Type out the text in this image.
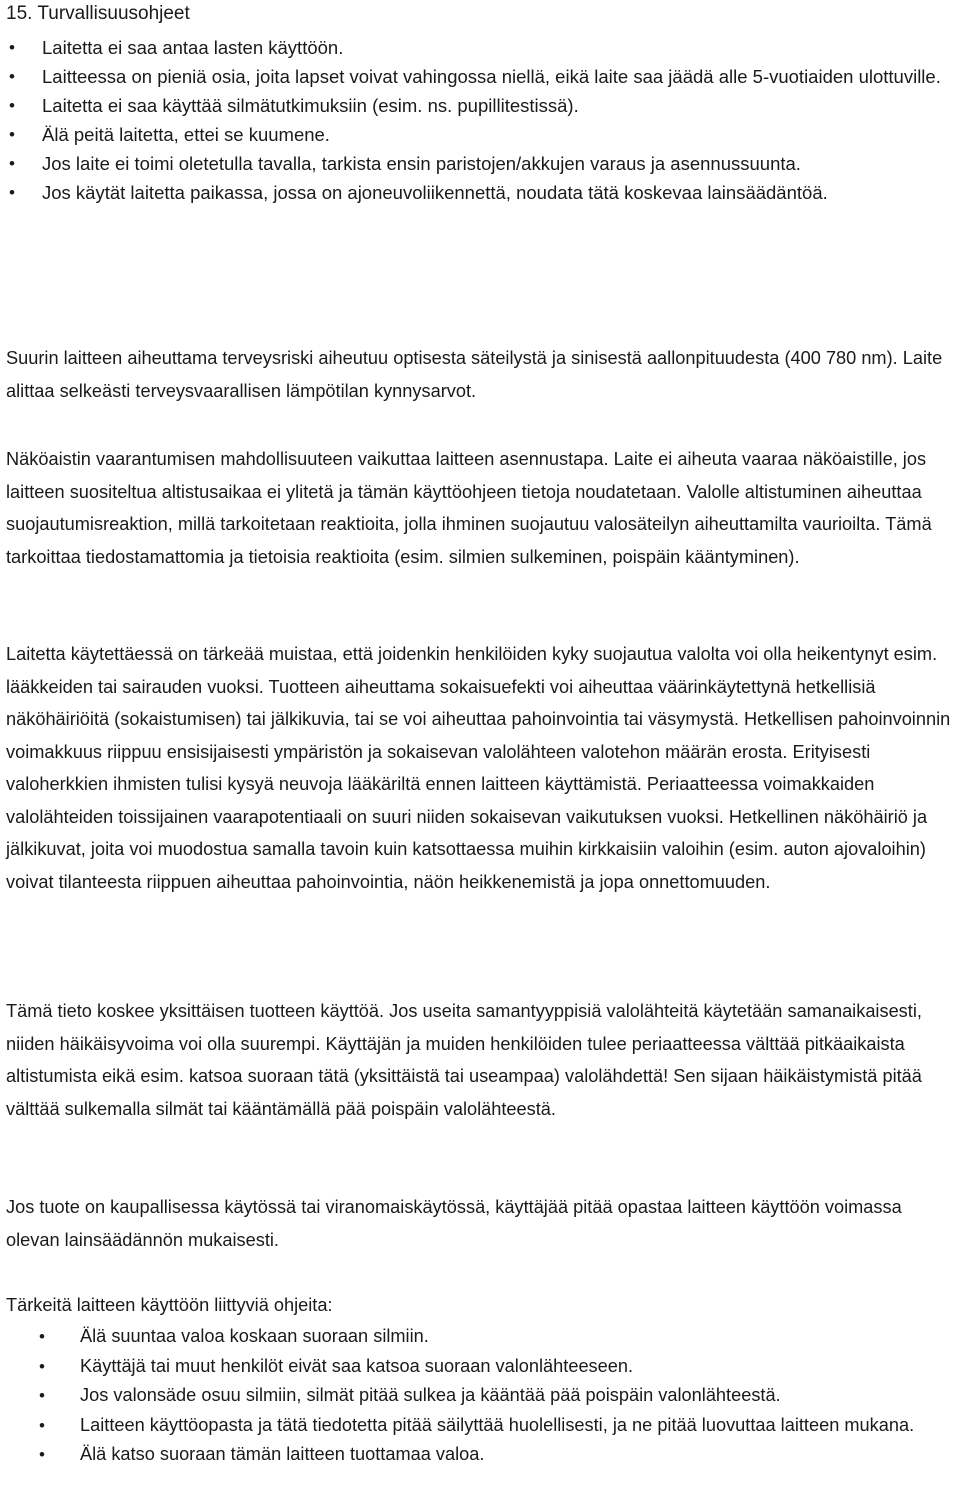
15. Turvallisuusohjeet
• Laitetta ei saa antaa lasten käyttöön.
• Laitteessa on pieniä osia, joita lapset voivat vahingossa niellä, eikä laite saa jäädä alle 5-vuotiaiden ulottuville.
• Laitetta ei saa käyttää silmätutkimuksiin (esim. ns. pupillitestissä).
• Älä peitä laitetta, ettei se kuumene.
• Jos laite ei toimi oletetulla tavalla, tarkista ensin paristojen/akkujen varaus ja asennussuunta.
• Jos käytät laitetta paikassa, jossa on ajoneuvoliikennettä, noudata tätä koskevaa lainsäädäntöä.

Suurin laitteen aiheuttama terveysriski aiheutuu optisesta säteilystä ja sinisestä aallonpituudesta (400 780 nm). Laite alittaa selkeästi terveysvaarallisen lämpötilan kynnysarvot.

Näköaistin vaarantumisen mahdollisuuteen vaikuttaa laitteen asennustapa. Laite ei aiheuta vaaraa näköaistille, jos laitteen suositeltua altistusaikaa ei ylitetä ja tämän käyttöohjeen tietoja noudatetaan. Valolle altistuminen aiheuttaa suojautumisreaktion, millä tarkoitetaan reaktioita, jolla ihminen suojautuu valosäteilyn aiheuttamilta vaurioilta. Tämä tarkoittaa tiedostamattomia ja tietoisia reaktioita (esim. silmien sulkeminen, poispäin kääntyminen).

Laitetta käytettäessä on tärkeää muistaa, että joidenkin henkilöiden kyky suojautua valolta voi olla heikentynyt esim. lääkkeiden tai sairauden vuoksi. Tuotteen aiheuttama sokaisuefekti voi aiheuttaa väärinkäytettynä hetkellisiä näköhäiriöitä (sokaistumisen) tai jälkikuvia, tai se voi aiheuttaa pahoinvointia tai väsymystä. Hetkellisen pahoinvoinnin voimakkuus riippuu ensisijaisesti ympäristön ja sokaisevan valolähteen valotehon määrän erosta. Erityisesti valoherkkien ihmisten tulisi kysyä neuvoja lääkäriltä ennen laitteen käyttämistä. Periaatteessa voimakkaiden valolähteiden toissijainen vaarapotentiaali on suuri niiden sokaisevan vaikutuksen vuoksi. Hetkellinen näköhäiriö ja jälkikuvat, joita voi muodostua samalla tavoin kuin katsottaessa muihin kirkkaisiin valoihin (esim. auton ajovaloihin) voivat tilanteesta riippuen aiheuttaa pahoinvointia, näön heikkenemistä ja jopa onnettomuuden.

Tämä tieto koskee yksittäisen tuotteen käyttöä. Jos useita samantyyppisiä valolähteitä käytetään samanaikaisesti, niiden häikäisyvoima voi olla suurempi. Käyttäjän ja muiden henkilöiden tulee periaatteessa välttää pitkäaikaista altistumista eikä esim. katsoa suoraan tätä (yksittäistä tai useampaa) valolähdettä! Sen sijaan häikäistymistä pitää välttää sulkemalla silmät tai kääntämällä pää poispäin valolähteestä.

Jos tuote on kaupallisessa käytössä tai viranomaiskäytössä, käyttäjää pitää opastaa laitteen käyttöön voimassa olevan lainsäädännön mukaisesti.

Tärkeitä laitteen käyttöön liittyviä ohjeita:

• Älä suuntaa valoa koskaan suoraan silmiin.
• Käyttäjä tai muut henkilöt eivät saa katsoa suoraan valonlähteeseen.
• Jos valonsäde osuu silmiin, silmät pitää sulkea ja kääntää pää poispäin valonlähteestä.
• Laitteen käyttöopasta ja tätä tiedotetta pitää säilyttää huolellisesti, ja ne pitää luovuttaa laitteen mukana.
• Älä katso suoraan tämän laitteen tuottamaa valoa.
